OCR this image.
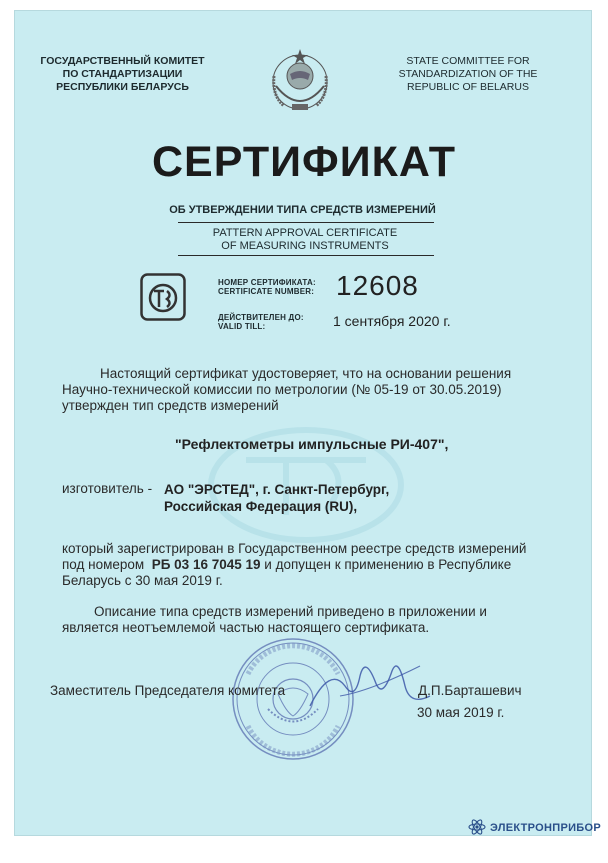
ГОСУДАРСТВЕННЫЙ КОМИТЕТ
ПО СТАНДАРТИЗАЦИИ
РЕСПУБЛИКИ БЕЛАРУСЬ
STATE COMMITTEE FOR
STANDARDIZATION OF THE
REPUBLIC OF BELARUS
СЕРТИФИКАТ
ОБ УТВЕРЖДЕНИИ ТИПА СРЕДСТВ ИЗМЕРЕНИЙ
PATTERN APPROVAL CERTIFICATE
OF MEASURING INSTRUMENTS
НОМЕР СЕРТИФИКАТА:
CERTIFICATE NUMBER: 12608
ДЕЙСТВИТЕЛЕН ДО:
VALID TILL:	1 сентября 2020 г.
Настоящий сертификат удостоверяет, что на основании решения
Научно-технической комиссии по метрологии (№ 05-19 от 30.05.2019)
утвержден тип средств измерений
"Рефлектометры импульсные РИ-407",
изготовитель - АО "ЭРСТЕД", г. Санкт-Петербург,
Российская Федерация (RU),
который зарегистрирован в Государственном реестре средств измерений
под номером РБ 03 16 7045 19 и допущен к применению в Республике
Беларусь с 30 мая 2019 г.
Описание типа средств измерений приведено в приложении и
является неотъемлемой частью настоящего сертификата.
Заместитель Председателя комитета	Д.П.Барташевич
30 мая 2019 г.
ЭЛЕКТРОНПРИБОР
